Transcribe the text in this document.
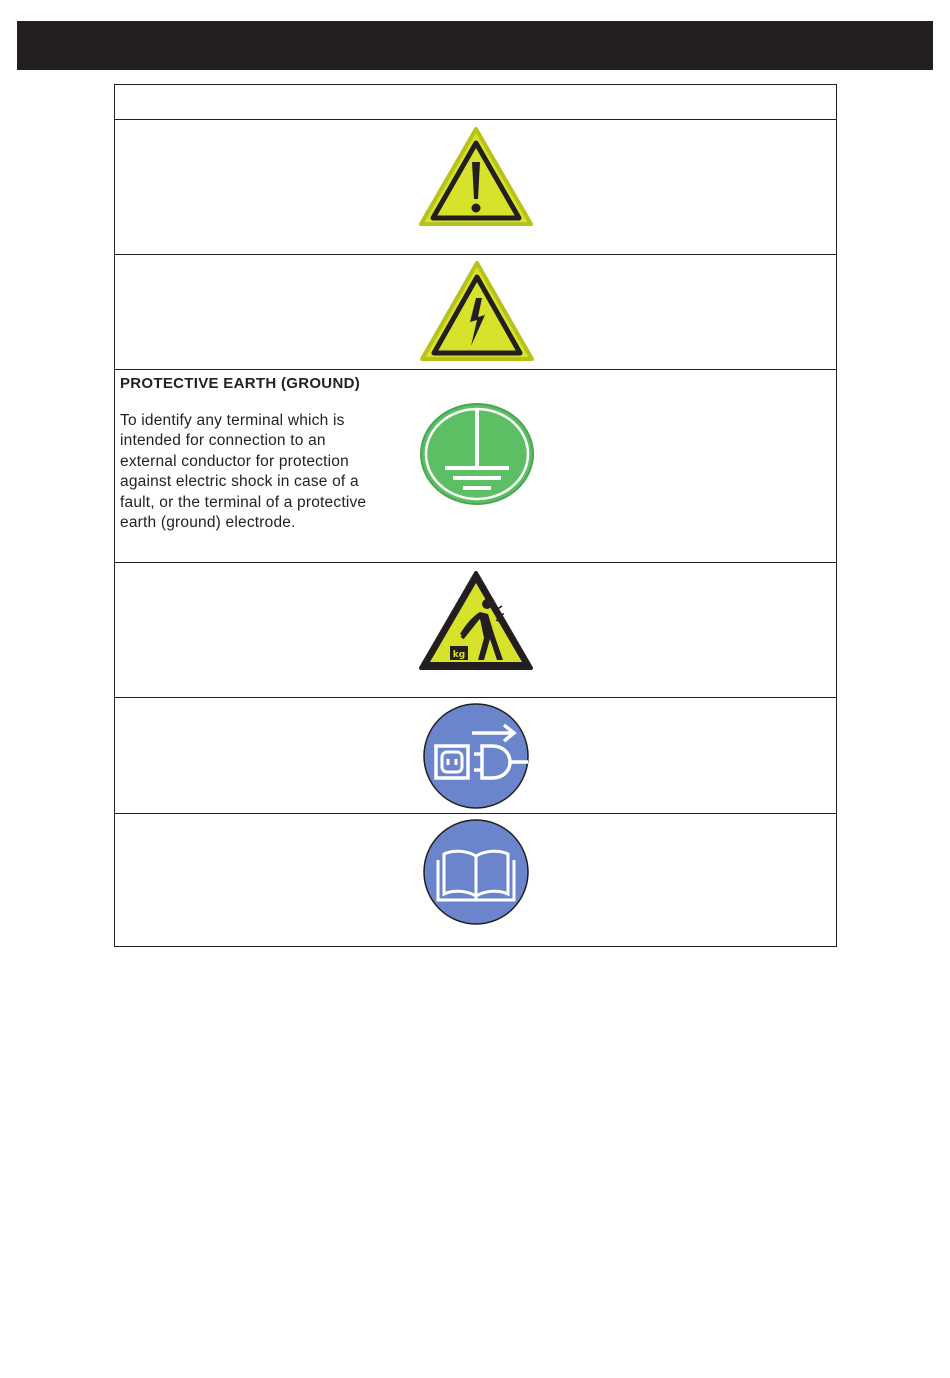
PROTECTIVE EARTH (GROUND)

To identify any terminal which is intended for connection to an external conductor for protection against electric shock in case of a fault, or the terminal of a protective earth (ground) electrode.

kg
